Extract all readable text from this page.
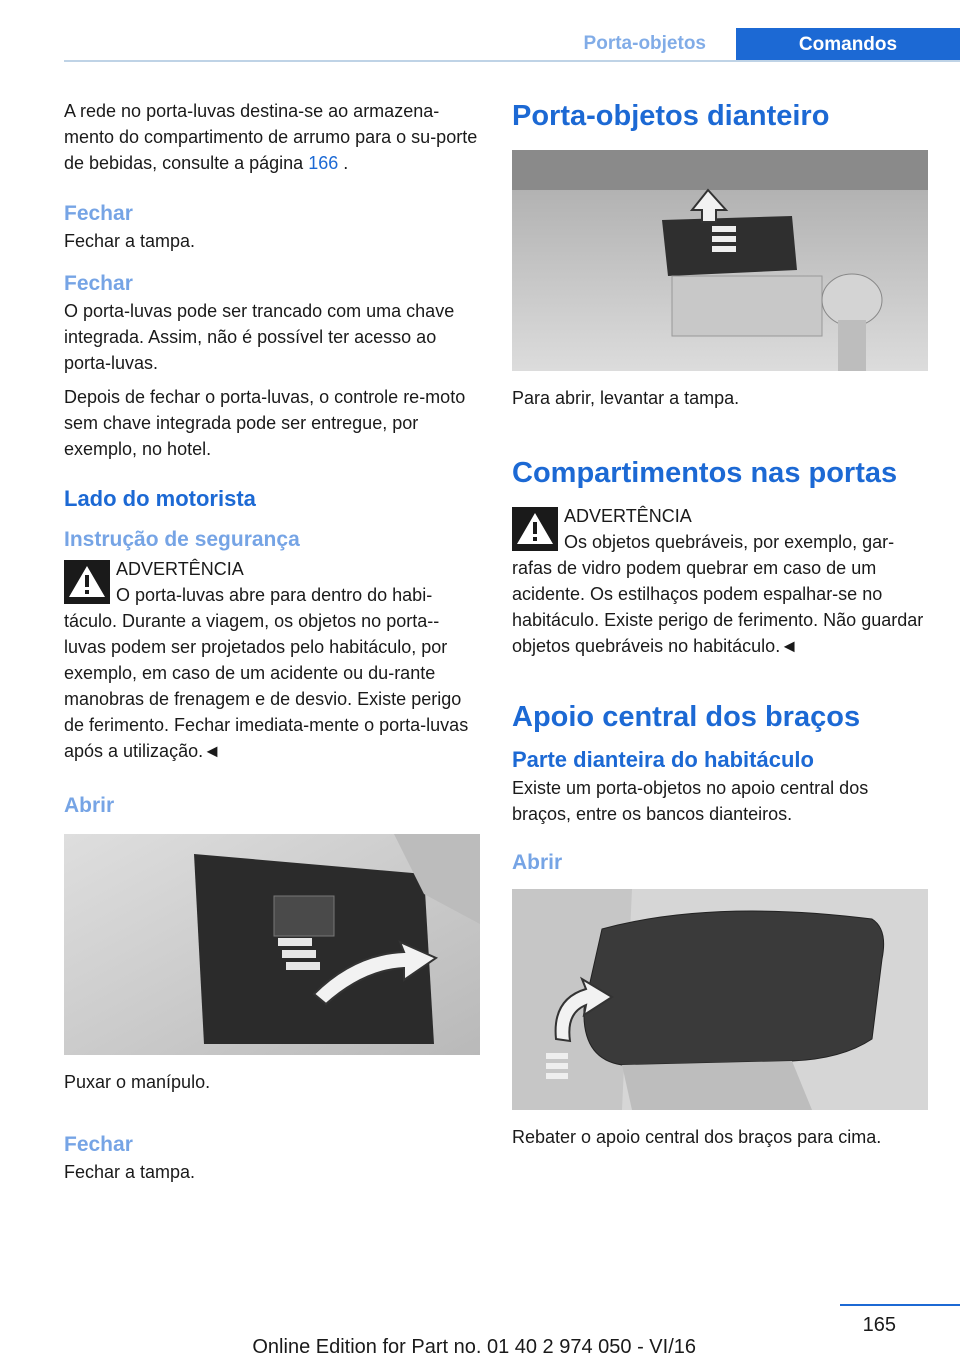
Porta-objetos	Comandos

A rede no porta-luvas destina-se ao armazena-mento do compartimento de arrumo para o su-porte de bebidas, consulte a página 166 .

Fechar

Fechar a tampa.

Fechar

O porta-luvas pode ser trancado com uma chave integrada. Assim, não é possível ter acesso ao porta-luvas.

Depois de fechar o porta-luvas, o controle re-moto sem chave integrada pode ser entregue, por exemplo, no hotel.

Lado do motorista
Instrução de segurança
ADVERTÊNCIA

O porta-luvas abre para dentro do habi-

táculo. Durante a viagem, os objetos no porta--luvas podem ser projetados pelo habitáculo, por exemplo, em caso de um acidente ou du-rante manobras de frenagem e de desvio. Existe perigo de ferimento. Fechar imediata-mente o porta-luvas após a utilização.◄

Abrir

Puxar o manípulo.

Fechar

Fechar a tampa.

Porta-objetos dianteiro

Para abrir, levantar a tampa.

Compartimentos nas portas
ADVERTÊNCIA

Os objetos quebráveis, por exemplo, gar-

rafas de vidro podem quebrar em caso de um acidente. Os estilhaços podem espalhar-se no habitáculo. Existe perigo de ferimento. Não guardar objetos quebráveis no habitáculo.◄

Apoio central dos braços
Parte dianteira do habitáculo

Existe um porta-objetos no apoio central dos braços, entre os bancos dianteiros.

Abrir

Rebater o apoio central dos braços para cima.

165
Online Edition for Part no. 01 40 2 974 050 - VI/16
